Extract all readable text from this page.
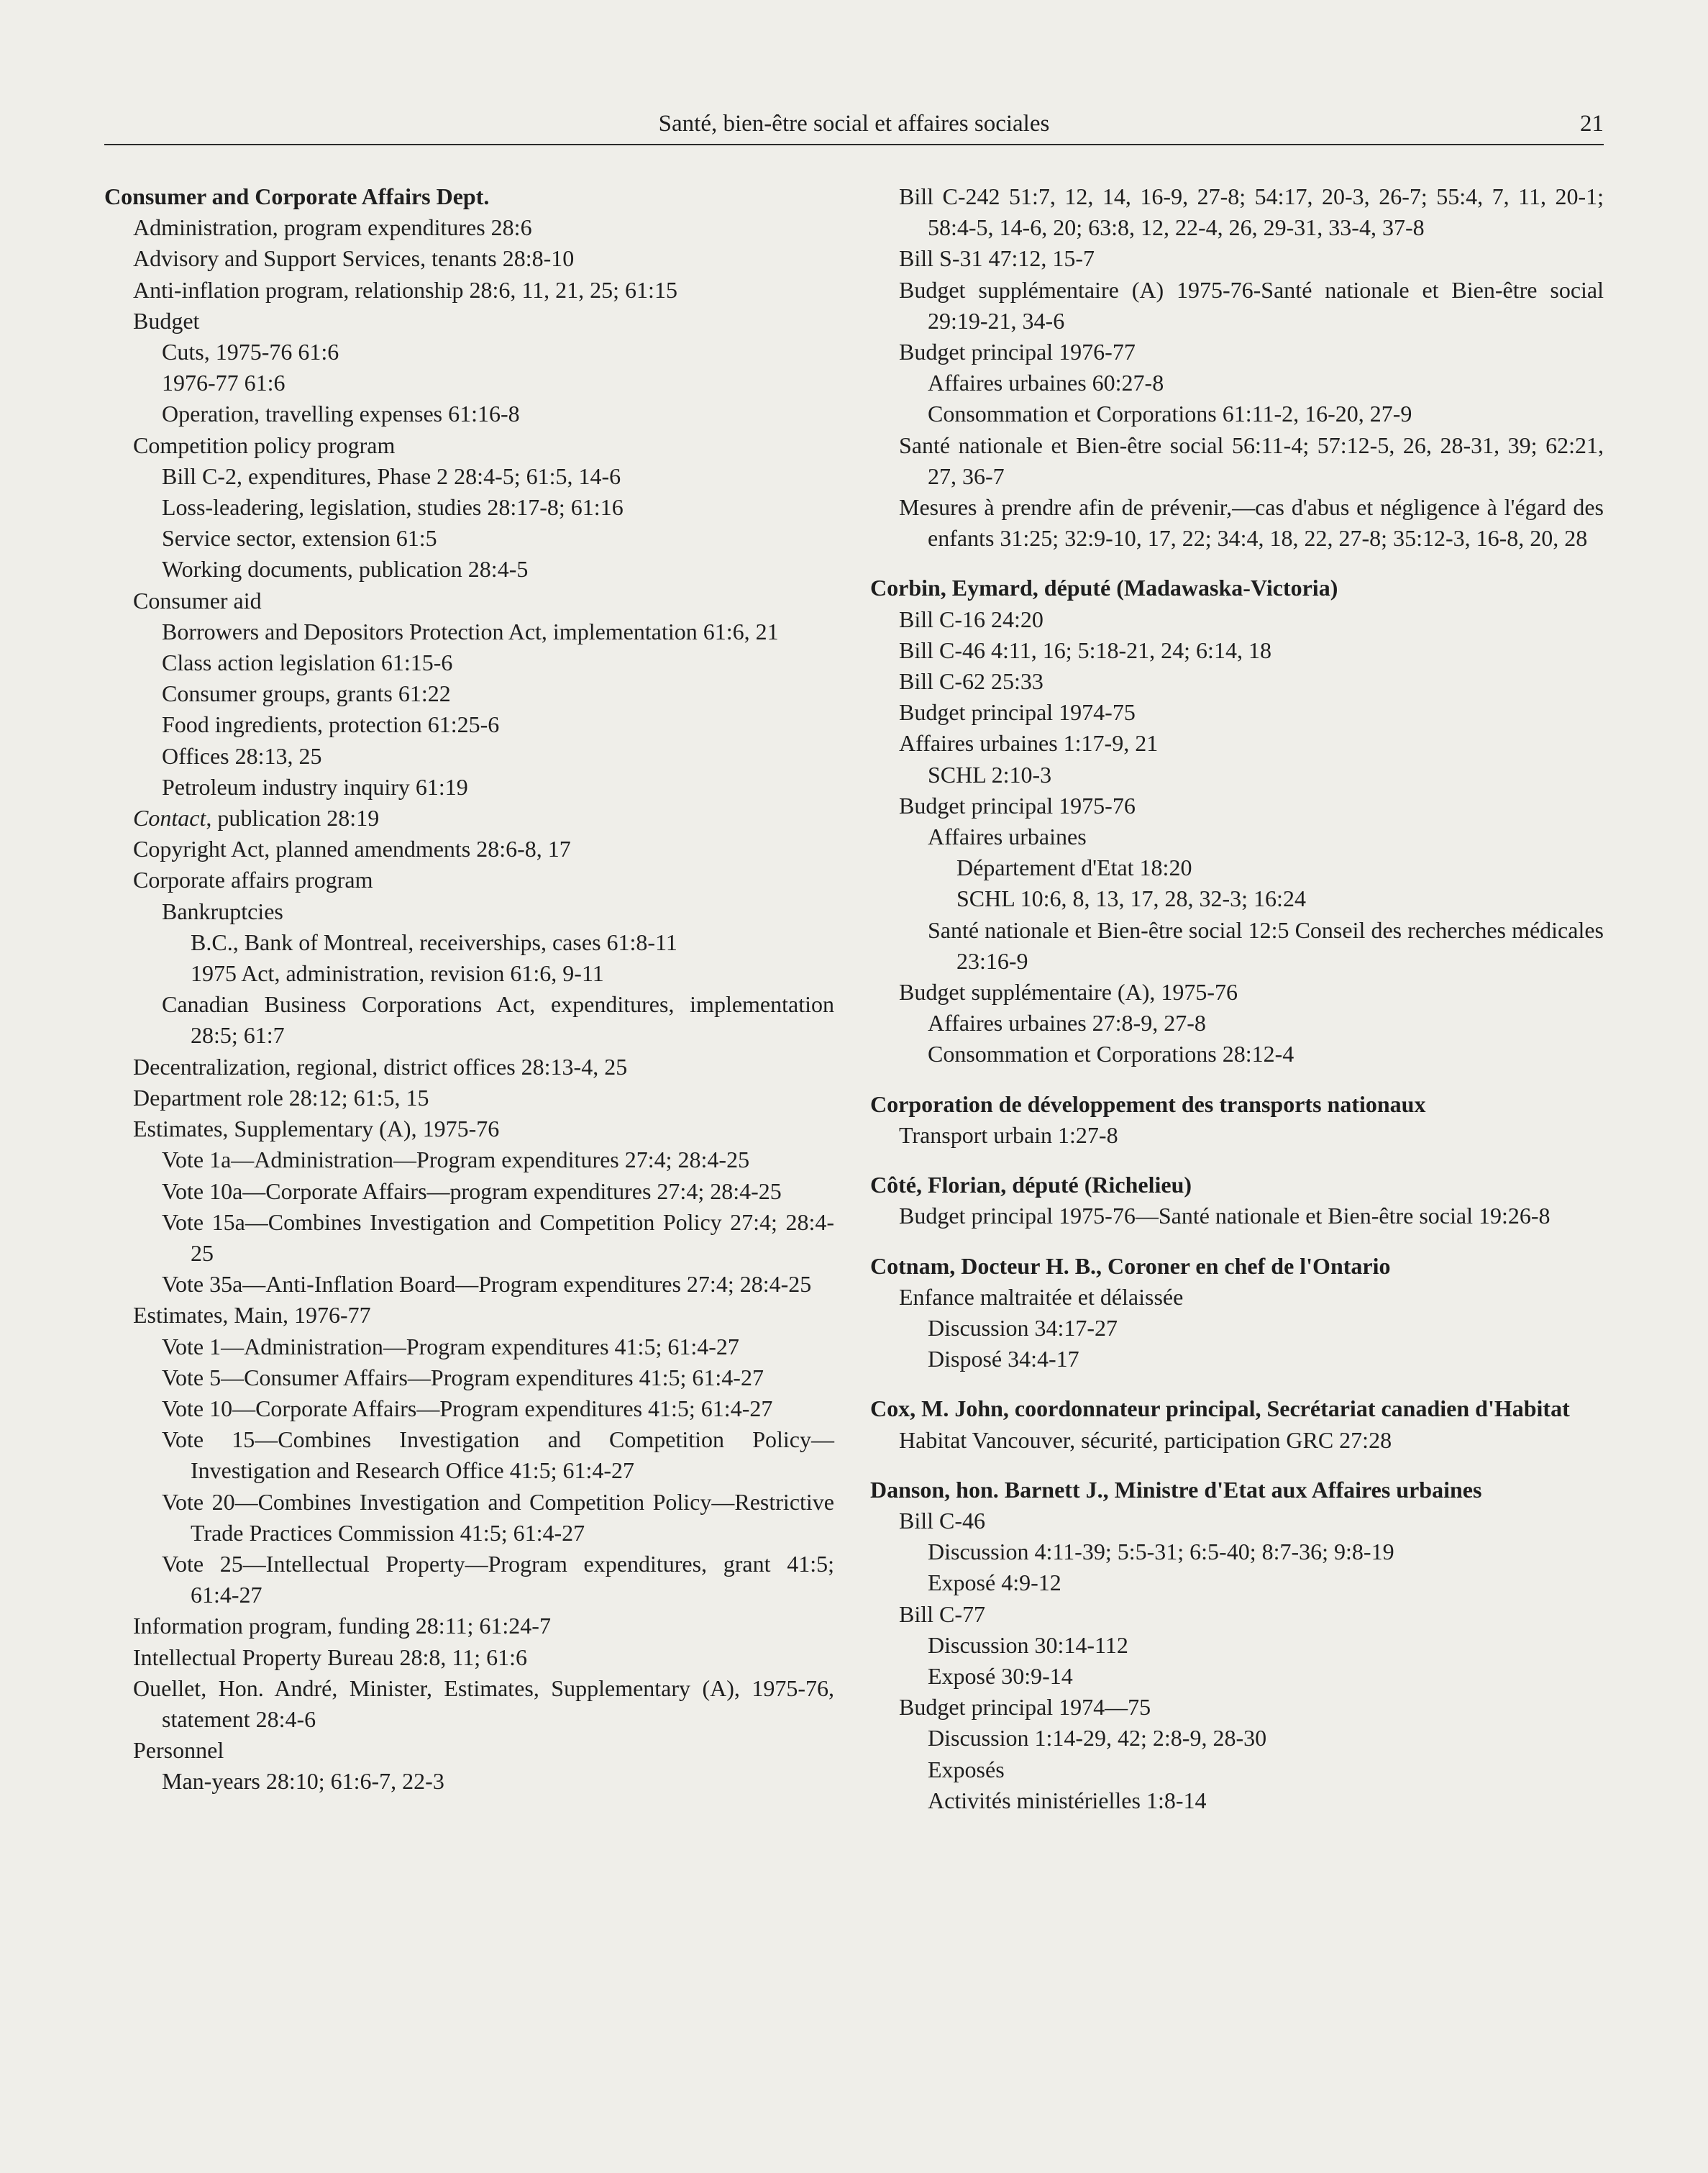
Santé, bien-être social et affaires sociales	21
Consumer and Corporate Affairs Dept.
Administration, program expenditures 28:6
Advisory and Support Services, tenants 28:8-10
Anti-inflation program, relationship 28:6, 11, 21, 25; 61:15
Budget
Cuts, 1975-76 61:6
1976-77 61:6
Operation, travelling expenses 61:16-8
Competition policy program
Bill C-2, expenditures, Phase 2 28:4-5; 61:5, 14-6
Loss-leadering, legislation, studies 28:17-8; 61:16
Service sector, extension 61:5
Working documents, publication 28:4-5
Consumer aid
Borrowers and Depositors Protection Act, implementation 61:6, 21
Class action legislation 61:15-6
Consumer groups, grants 61:22
Food ingredients, protection 61:25-6
Offices 28:13, 25
Petroleum industry inquiry 61:19
Contact, publication 28:19
Copyright Act, planned amendments 28:6-8, 17
Corporate affairs program
Bankruptcies
B.C., Bank of Montreal, receiverships, cases 61:8-11
1975 Act, administration, revision 61:6, 9-11
Canadian Business Corporations Act, expenditures, implementation 28:5; 61:7
Decentralization, regional, district offices 28:13-4, 25
Department role 28:12; 61:5, 15
Estimates, Supplementary (A), 1975-76
Vote 1a—Administration—Program expenditures 27:4; 28:4-25
Vote 10a—Corporate Affairs—program expenditures 27:4; 28:4-25
Vote 15a—Combines Investigation and Competition Policy 27:4; 28:4-25
Vote 35a—Anti-Inflation Board—Program expenditures 27:4; 28:4-25
Estimates, Main, 1976-77
Vote 1—Administration—Program expenditures 41:5; 61:4-27
Vote 5—Consumer Affairs—Program expenditures 41:5; 61:4-27
Vote 10—Corporate Affairs—Program expenditures 41:5; 61:4-27
Vote 15—Combines Investigation and Competition Policy—Investigation and Research Office 41:5; 61:4-27
Vote 20—Combines Investigation and Competition Policy—Restrictive Trade Practices Commission 41:5; 61:4-27
Vote 25—Intellectual Property—Program expenditures, grant 41:5; 61:4-27
Information program, funding 28:11; 61:24-7
Intellectual Property Bureau 28:8, 11; 61:6
Ouellet, Hon. André, Minister, Estimates, Supplementary (A), 1975-76, statement 28:4-6
Personnel
Man-years 28:10; 61:6-7, 22-3
Bill C-242 51:7, 12, 14, 16-9, 27-8; 54:17, 20-3, 26-7; 55:4, 7, 11, 20-1; 58:4-5, 14-6, 20; 63:8, 12, 22-4, 26, 29-31, 33-4, 37-8
Bill S-31 47:12, 15-7
Budget supplémentaire (A) 1975-76-Santé nationale et Bien-être social 29:19-21, 34-6
Budget principal 1976-77
Affaires urbaines 60:27-8
Consommation et Corporations 61:11-2, 16-20, 27-9
Santé nationale et Bien-être social 56:11-4; 57:12-5, 26, 28-31, 39; 62:21, 27, 36-7
Mesures à prendre afin de prévenir,—cas d'abus et négligence à l'égard des enfants 31:25; 32:9-10, 17, 22; 34:4, 18, 22, 27-8; 35:12-3, 16-8, 20, 28
Corbin, Eymard, député (Madawaska-Victoria)
Bill C-16 24:20
Bill C-46 4:11, 16; 5:18-21, 24; 6:14, 18
Bill C-62 25:33
Budget principal 1974-75
Affaires urbaines 1:17-9, 21
SCHL 2:10-3
Budget principal 1975-76
Affaires urbaines
Département d'Etat 18:20
SCHL 10:6, 8, 13, 17, 28, 32-3; 16:24
Santé nationale et Bien-être social 12:5 Conseil des recherches médicales 23:16-9
Budget supplémentaire (A), 1975-76
Affaires urbaines 27:8-9, 27-8
Consommation et Corporations 28:12-4
Corporation de développement des transports nationaux
Transport urbain 1:27-8
Côté, Florian, député (Richelieu)
Budget principal 1975-76—Santé nationale et Bien-être social 19:26-8
Cotnam, Docteur H. B., Coroner en chef de l'Ontario
Enfance maltraitée et délaissée
Discussion 34:17-27
Disposé 34:4-17
Cox, M. John, coordonnateur principal, Secrétariat canadien d'Habitat
Habitat Vancouver, sécurité, participation GRC 27:28
Danson, hon. Barnett J., Ministre d'Etat aux Affaires urbaines
Bill C-46
Discussion 4:11-39; 5:5-31; 6:5-40; 8:7-36; 9:8-19
Exposé 4:9-12
Bill C-77
Discussion 30:14-112
Exposé 30:9-14
Budget principal 1974—75
Discussion 1:14-29, 42; 2:8-9, 28-30
Exposés
Activités ministérielles 1:8-14
